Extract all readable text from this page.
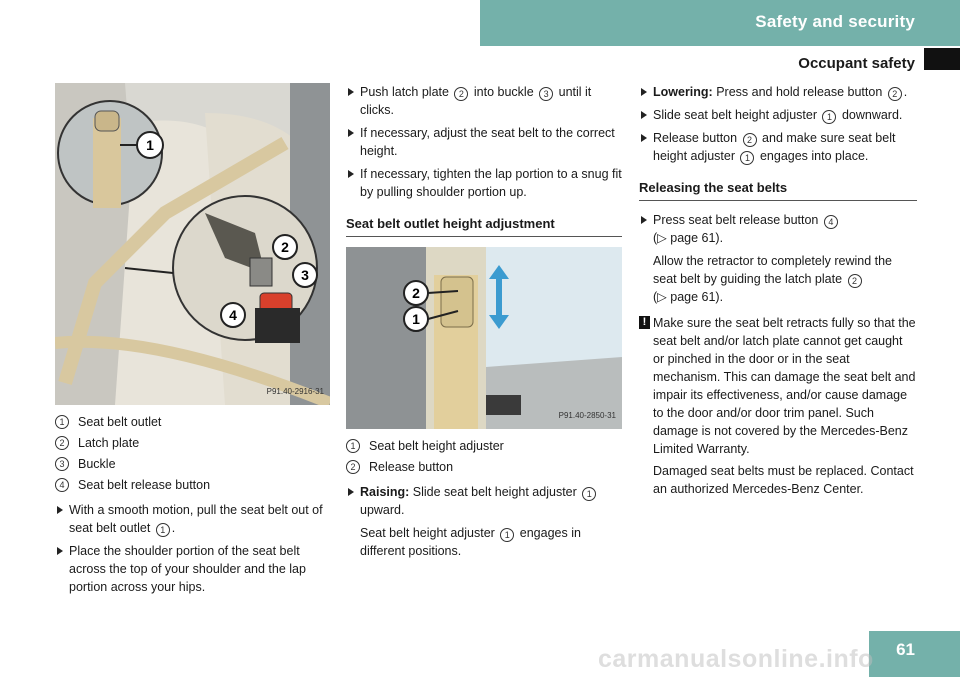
Safety and security
Occupant safety
1
2
3
4
P91.40-2916-31
1	Seat belt outlet
2	Latch plate
3	Buckle
4	Seat belt release button
With a smooth motion, pull the seat belt out of seat belt outlet 1 .
Place the shoulder portion of the seat belt across the top of your shoulder and the lap portion across your hips.
Push latch plate 2 into buckle 3 until it clicks.
If necessary, adjust the seat belt to the correct height.
If necessary, tighten the lap portion to a snug fit by pulling shoulder portion up.
Seat belt outlet height adjustment
2
1
P91.40-2850-31
1	Seat belt height adjuster
2	Release button
Raising: Slide seat belt height adjuster 1 upward.
Seat belt height adjuster 1 engages in different positions.
Lowering: Press and hold release button 2 .
Slide seat belt height adjuster 1 downward.
Release button 2 and make sure seat belt height adjuster 1 engages into place.
Releasing the seat belts
Press seat belt release button 4
(▷ page 61).
Allow the retractor to completely rewind the seat belt by guiding the latch plate 2
(▷ page 61).
! Make sure the seat belt retracts fully so that the seat belt and/or latch plate cannot get caught or pinched in the door or in the seat mechanism. This can damage the seat belt and impair its effectiveness, and/or cause damage to the door and/or door trim panel. Such damage is not covered by the Mercedes-Benz Limited Warranty.
Damaged seat belts must be replaced. Contact an authorized Mercedes-Benz Center.
61
carmanualsonline.info
